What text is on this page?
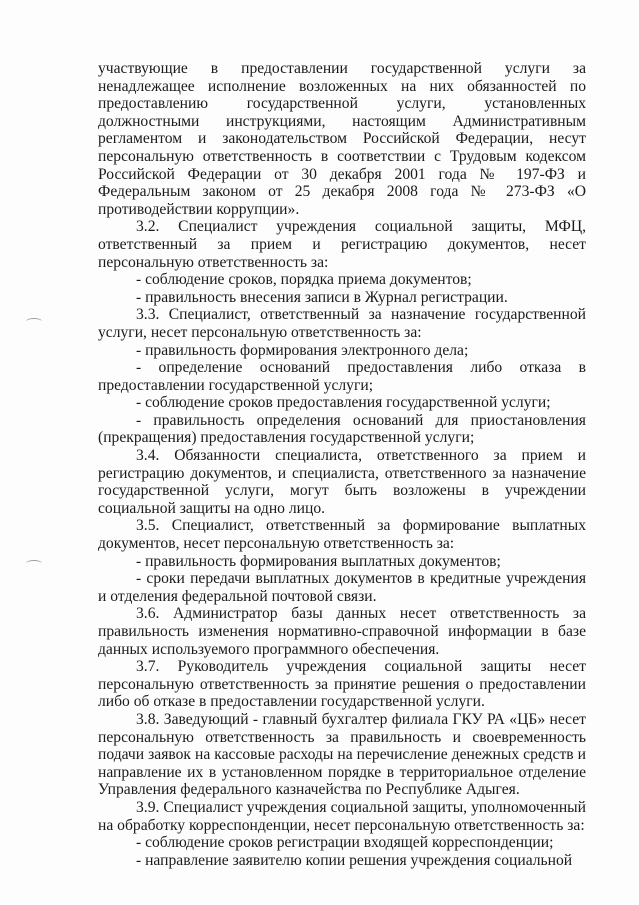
участвующие в предоставлении государственной услуги за ненадлежащее исполнение возложенных на них обязанностей по предоставлению государственной услуги, установленных должностными инструкциями, настоящим Административным регламентом и законодательством Российской Федерации, несут персональную ответственность в соответствии с Трудовым кодексом Российской Федерации от 30 декабря 2001 года № 197-ФЗ и Федеральным законом от 25 декабря 2008 года № 273-ФЗ «О противодействии коррупции».

3.2. Специалист учреждения социальной защиты, МФЦ, ответственный за прием и регистрацию документов, несет персональную ответственность за:

- соблюдение сроков, порядка приема документов;

- правильность внесения записи в Журнал регистрации.

3.3. Специалист, ответственный за назначение государственной услуги, несет персональную ответственность за:

- правильность формирования электронного дела;

- определение оснований предоставления либо отказа в предоставлении государственной услуги;

- соблюдение сроков предоставления государственной услуги;

- правильность определения оснований для приостановления (прекращения) предоставления государственной услуги;

3.4. Обязанности специалиста, ответственного за прием и регистрацию документов, и специалиста, ответственного за назначение государственной услуги, могут быть возложены в учреждении социальной защиты на одно лицо.

3.5. Специалист, ответственный за формирование выплатных документов, несет персональную ответственность за:

- правильность формирования выплатных документов;

- сроки передачи выплатных документов в кредитные учреждения и отделения федеральной почтовой связи.

3.6. Администратор базы данных несет ответственность за правильность изменения нормативно-справочной информации в базе данных используемого программного обеспечения.

3.7. Руководитель учреждения социальной защиты несет персональную ответственность за принятие решения о предоставлении либо об отказе в предоставлении государственной услуги.

3.8. Заведующий - главный бухгалтер филиала ГКУ РА «ЦБ» несет персональную ответственность за правильность и своевременность подачи заявок на кассовые расходы на перечисление денежных средств и направление их в установленном порядке в территориальное отделение Управления федерального казначейства по Республике Адыгея.

3.9. Специалист учреждения социальной защиты, уполномоченный на обработку корреспонденции, несет персональную ответственность за:

- соблюдение сроков регистрации входящей корреспонденции;

- направление заявителю копии решения учреждения социальной
